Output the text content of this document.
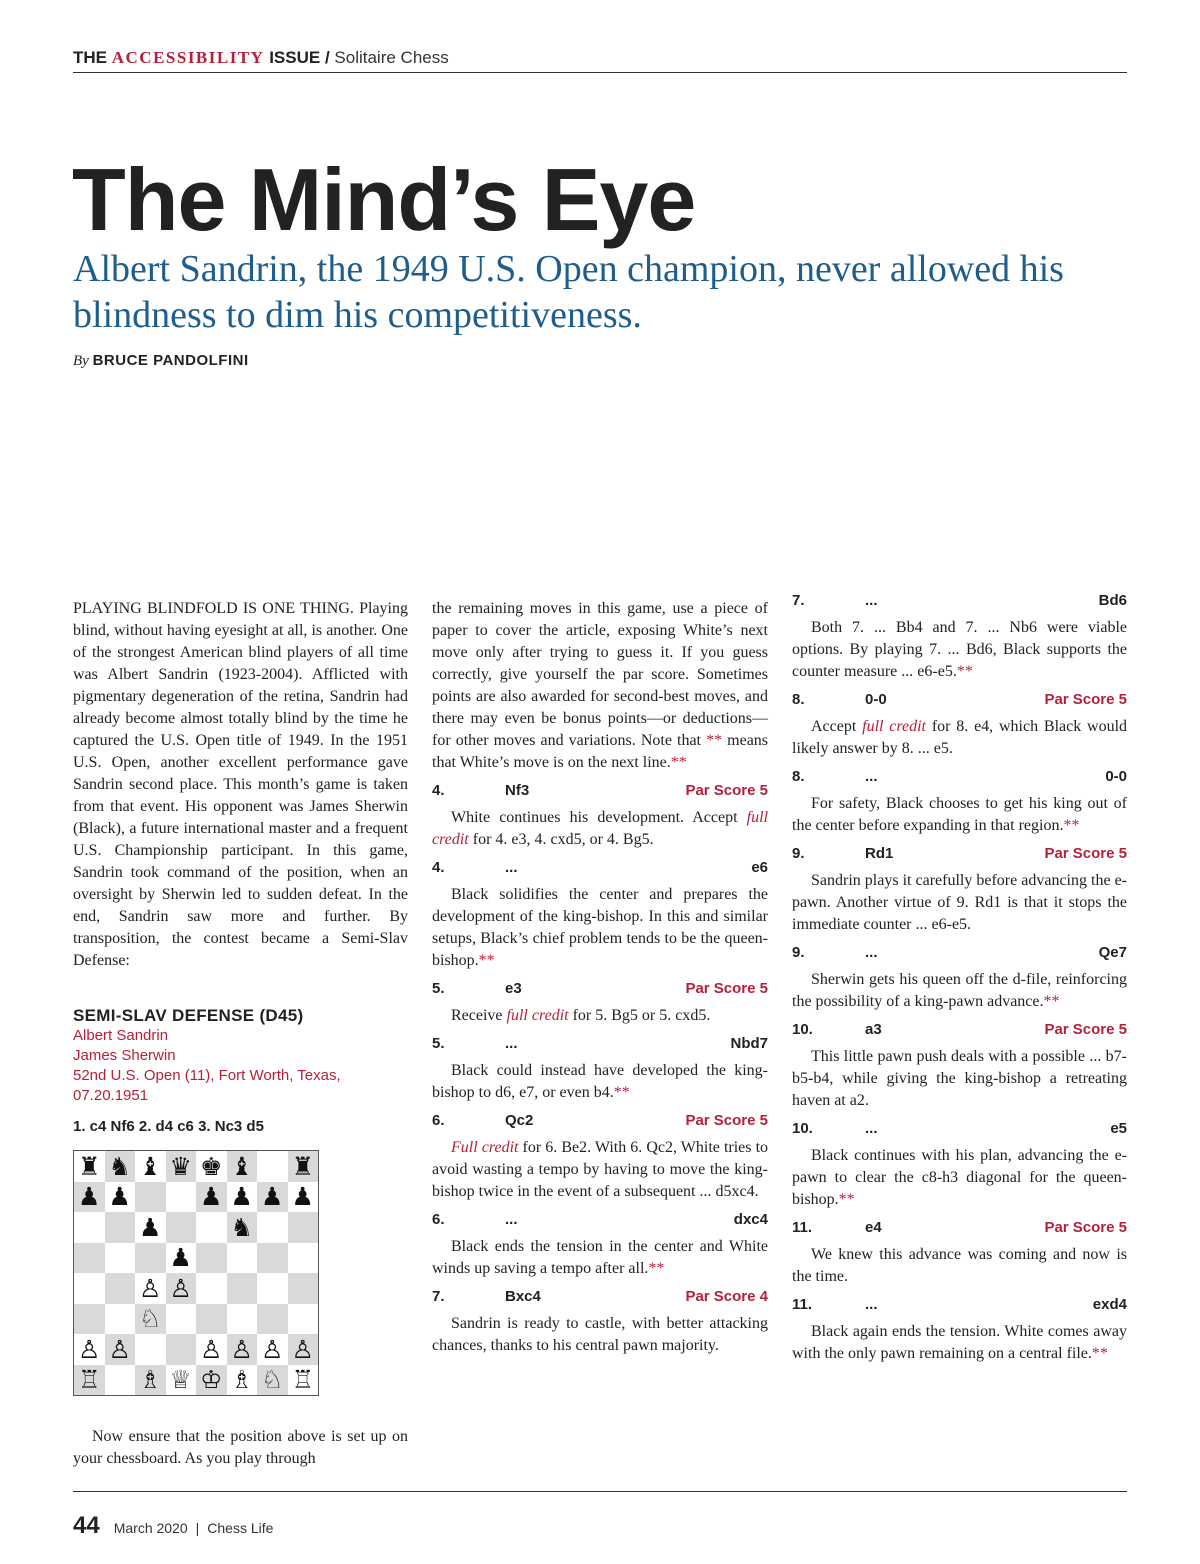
THE ACCESSIBILITY ISSUE / Solitaire Chess
The Mind’s Eye
Albert Sandrin, the 1949 U.S. Open champion, never allowed his blindness to dim his competitiveness.
By BRUCE PANDOLFINI

PLAYING BLINDFOLD IS ONE THING. Playing blind, without having eyesight at all, is another. One of the strongest American blind players of all time was Albert Sandrin (1923-2004). Afflicted with pigmentary degeneration of the retina, Sandrin had already become almost totally blind by the time he captured the U.S. Open title of 1949. In the 1951 U.S. Open, another excellent performance gave Sandrin second place. This month’s game is taken from that event. His opponent was James Sherwin (Black), a future international master and a frequent U.S. Championship participant. In this game, Sandrin took command of the position, when an oversight by Sherwin led to sudden defeat. In the end, Sandrin saw more and further. By transposition, the contest became a Semi-Slav Defense:

SEMI-SLAV DEFENSE (D45)
Albert Sandrin
James Sherwin
52nd U.S. Open (11), Fort Worth, Texas,
07.20.1951
1. c4 Nf6 2. d4 c6 3. Nc3 d5
♜ ♞ ♝ ♛ ♚ ♝ ♜
♟ ♟	♟ ♟ ♟ ♟
♟	♞
♟
♙ ♙
♘
♙ ♙	♙ ♙ ♙ ♙
♖ ♗ ♕ ♔ ♗ ♘ ♖

Now ensure that the position above is set up on your chessboard. As you play through

the remaining moves in this game, use a piece of paper to cover the article, exposing White’s next move only after trying to guess it. If you guess correctly, give yourself the par score. Sometimes points are also awarded for second-best moves, and there may even be bonus points—or deductions—for other moves and variations. Note that ** means that White’s move is on the next line.**

4.	Nf3	Par Score 5

White continues his development. Accept full credit for 4. e3, 4. cxd5, or 4. Bg5.

4.	...	e6

Black solidifies the center and prepares the development of the king-bishop. In this and similar setups, Black’s chief problem tends to be the queen-bishop.**

5.	e3	Par Score 5

Receive full credit for 5. Bg5 or 5. cxd5.

5.	...	Nbd7

Black could instead have developed the king-bishop to d6, e7, or even b4.**

6.	Qc2	Par Score 5

Full credit for 6. Be2. With 6. Qc2, White tries to avoid wasting a tempo by having to move the king-bishop twice in the event of a subsequent ... d5xc4.

6.	...	dxc4

Black ends the tension in the center and White winds up saving a tempo after all.**

7.	Bxc4	Par Score 4

Sandrin is ready to castle, with better attacking chances, thanks to his central pawn majority.

7.	...	Bd6

Both 7. ... Bb4 and 7. ... Nb6 were viable options. By playing 7. ... Bd6, Black supports the counter measure ... e6-e5.**

8.	0-0	Par Score 5

Accept full credit for 8. e4, which Black would likely answer by 8. ... e5.

8.	...	0-0

For safety, Black chooses to get his king out of the center before expanding in that region.**

9.	Rd1	Par Score 5

Sandrin plays it carefully before advancing the e-pawn. Another virtue of 9. Rd1 is that it stops the immediate counter ... e6-e5.

9.	...	Qe7

Sherwin gets his queen off the d-file, reinforcing the possibility of a king-pawn advance.**

10.	a3	Par Score 5

This little pawn push deals with a possible ... b7-b5-b4, while giving the king-bishop a retreating haven at a2.

10.	...	e5

Black continues with his plan, advancing the e-pawn to clear the c8-h3 diagonal for the queen-bishop.**

11.	e4	Par Score 5

We knew this advance was coming and now is the time.

11.	...	exd4

Black again ends the tension. White comes away with the only pawn remaining on a central file.**

44 March 2020 | Chess Life
